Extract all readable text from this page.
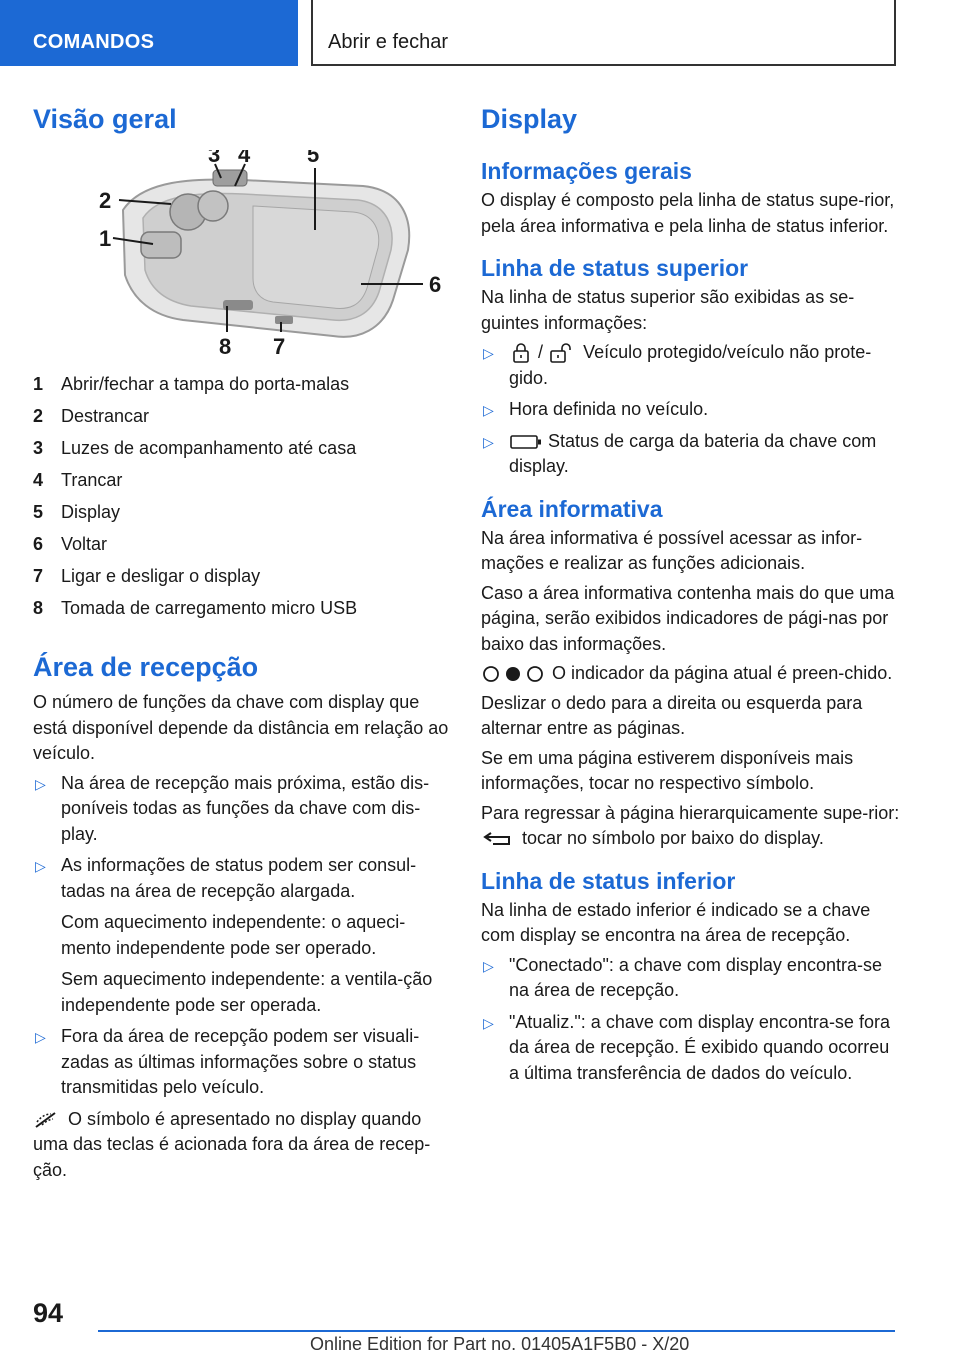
COMANDOS	Abrir e fechar
Visão geral
3 4	5
2
1
6
8 7
1 Abrir/fechar a tampa do porta-malas
2 Destrancar
3 Luzes de acompanhamento até casa
4 Trancar
5 Display
6 Voltar
7 Ligar e desligar o display
8 Tomada de carregamento micro USB
Área de recepção

O número de funções da chave com display que está disponível depende da distância em relação ao veículo.

▷ Na área de recepção mais próxima, estão dis-poníveis todas as funções da chave com dis-play.
▷ As informações de status podem ser consul-tadas na área de recepção alargada.

Com aquecimento independente: o aqueci-mento independente pode ser operado.

Sem aquecimento independente: a ventila-ção independente pode ser operada.

▷ Fora da área de recepção podem ser visuali-zadas as últimas informações sobre o status transmitidas pelo veículo.

O símbolo é apresentado no display quando uma das teclas é acionada fora da área de recep-ção.

Display
Informações gerais

O display é composto pela linha de status supe-rior, pela área informativa e pela linha de status inferior.

Linha de status superior

Na linha de status superior são exibidas as se-guintes informações:

▷ / Veículo protegido/veículo não prote-gido.
▷ Hora definida no veículo.
▷	Status de carga da bateria da chave com display.
Área informativa

Na área informativa é possível acessar as infor-mações e realizar as funções adicionais.

Caso a área informativa contenha mais do que uma página, serão exibidos indicadores de pági-nas por baixo das informações.

O indicador da página atual é preen-chido.

Deslizar o dedo para a direita ou esquerda para alternar entre as páginas.

Se em uma página estiverem disponíveis mais informações, tocar no respectivo símbolo.

Para regressar à página hierarquicamente supe-rior:  tocar no símbolo por baixo do display.

Linha de status inferior

Na linha de estado inferior é indicado se a chave com display se encontra na área de recepção.

▷ "Conectado": a chave com display encontra-se na área de recepção.
▷ "Atualiz.": a chave com display encontra-se fora da área de recepção. É exibido quando ocorreu a última transferência de dados do veículo.
94
Online Edition for Part no. 01405A1F5B0 - X/20
